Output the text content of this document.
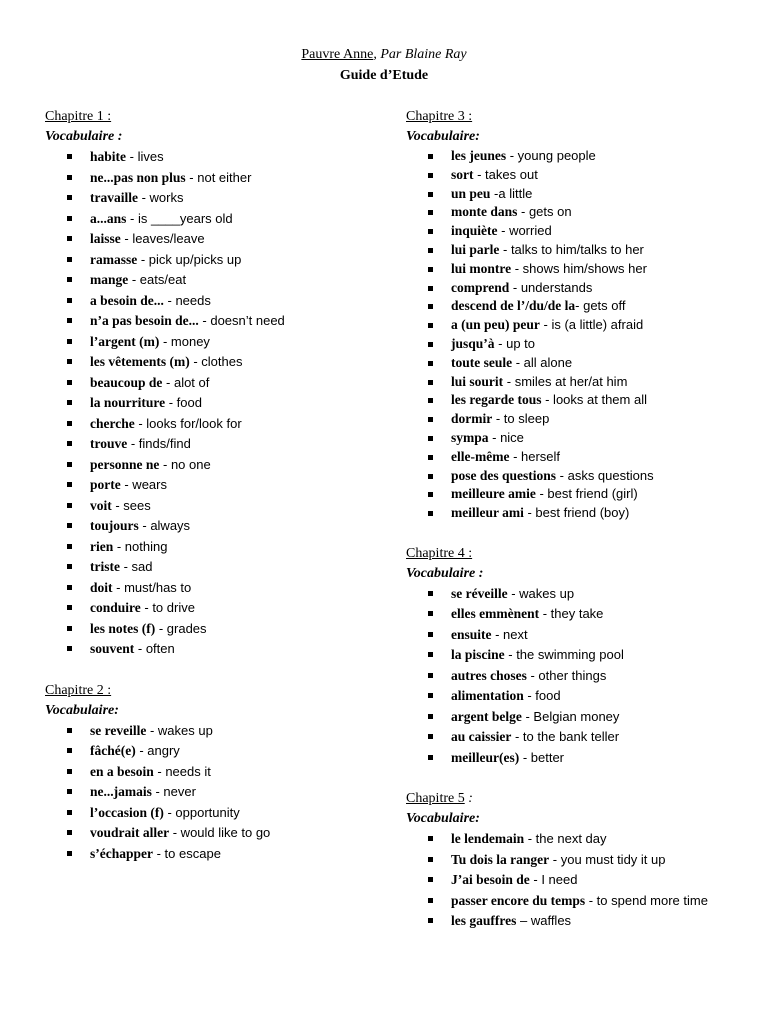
Pauvre Anne, Par Blaine Ray
Guide d’Etude
Chapitre 1 :
Vocabulaire :
habite - lives
ne...pas non plus - not either
travaille - works
a...ans - is ____years old
laisse - leaves/leave
ramasse - pick up/picks up
mange - eats/eat
a besoin de... - needs
n’a pas besoin de... - doesn’t need
l’argent (m) - money
les vêtements (m) - clothes
beaucoup de - alot of
la nourriture - food
cherche - looks for/look for
trouve - finds/find
personne ne - no one
porte - wears
voit - sees
toujours - always
rien - nothing
triste - sad
doit - must/has to
conduire - to drive
les notes (f) - grades
souvent - often
Chapitre 2 :
Vocabulaire:
se reveille - wakes up
fâché(e) - angry
en a besoin - needs it
ne...jamais - never
l’occasion (f) - opportunity
voudrait aller - would like to go
s’échapper - to escape
Chapitre 3 :
Vocabulaire:
les jeunes - young people
sort - takes out
un peu -a little
monte dans - gets on
inquiète - worried
lui parle - talks to him/talks to her
lui montre - shows him/shows her
comprend - understands
descend de l’/du/de la- gets off
a (un peu) peur - is (a little) afraid
jusqu’à - up to
toute seule - all alone
lui sourit - smiles at her/at him
les regarde tous - looks at them all
dormir - to sleep
sympa - nice
elle-même - herself
pose des questions - asks questions
meilleure amie - best friend (girl)
meilleur ami - best friend (boy)
Chapitre 4 :
Vocabulaire :
se réveille - wakes up
elles emmènent - they take
ensuite - next
la piscine - the swimming pool
autres choses - other things
alimentation - food
argent belge - Belgian money
au caissier - to the bank teller
meilleur(es) - better
Chapitre 5 :
Vocabulaire:
le lendemain - the next day
Tu dois la ranger - you must tidy it up
J’ai besoin de - I need
passer encore du temps - to spend more time
les gauffres – waffles
